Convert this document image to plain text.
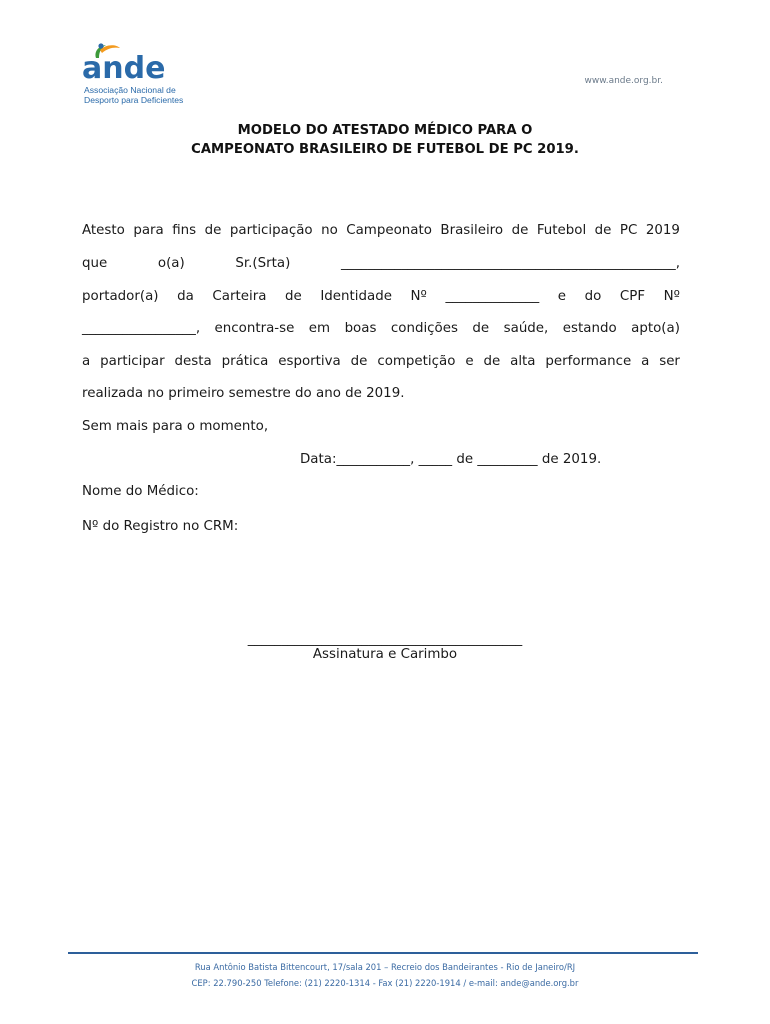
ande
Associação Nacional de
Desporto para Deficientes
www.ande.org.br.
MODELO DO ATESTADO MÉDICO PARA O
CAMPEONATO BRASILEIRO DE FUTEBOL DE PC 2019.
Atesto para fins de participação no Campeonato Brasileiro de Futebol de PC 2019
que	o(a)	Sr.(Srta)	__________________________________________________,
portador(a) da Carteira de Identidade Nº ______________ e do CPF Nº
_________________, encontra-se em boas condições de saúde, estando apto(a)
a participar desta prática esportiva de competição e de alta performance a ser
realizada no primeiro semestre do ano de 2019.
Sem mais para o momento,
Data:___________, _____ de _________ de 2019.
Nome do Médico:
Nº do Registro no CRM:
_________________________________________
Assinatura e Carimbo
Rua Antônio Batista Bittencourt, 17/sala 201 – Recreio dos Bandeirantes - Rio de Janeiro/RJ
CEP: 22.790-250 Telefone: (21) 2220-1314 - Fax (21) 2220-1914 / e-mail: ande@ande.org.br
